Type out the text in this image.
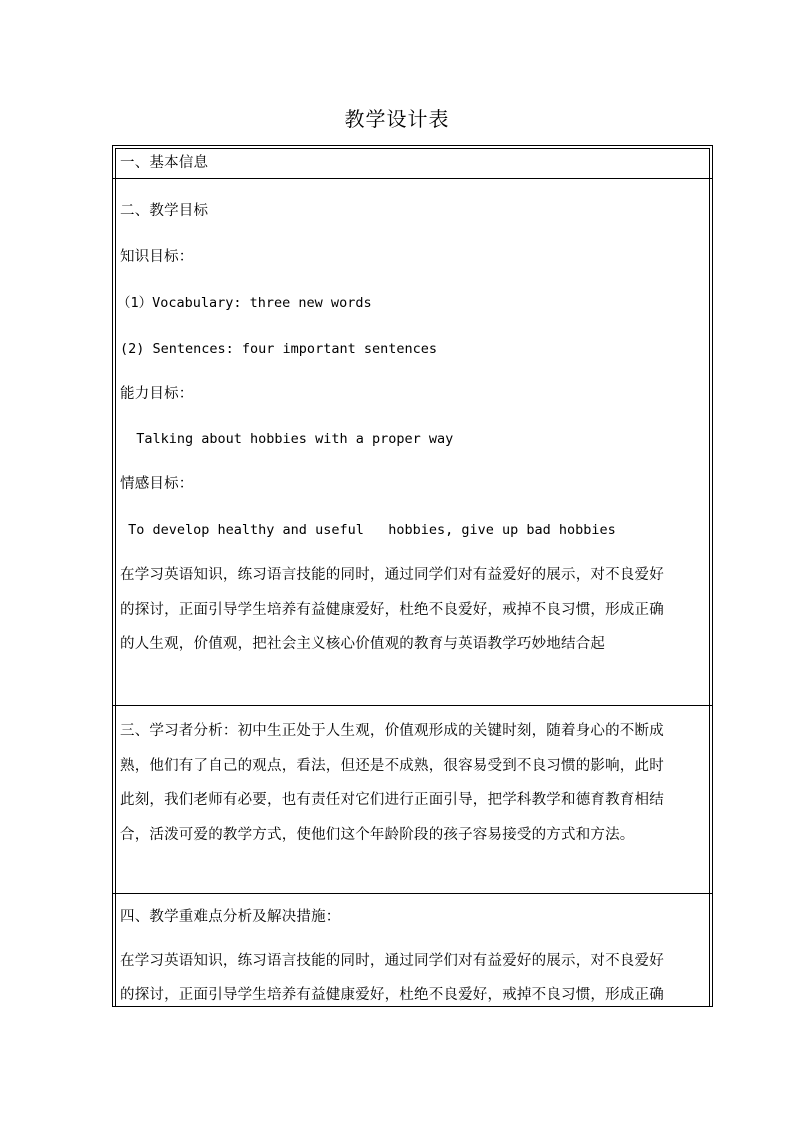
教学设计表
一、基本信息
二、教学目标
知识目标：
（1）Vocabulary: three new words
(2) Sentences: four important sentences
能力目标：
Talking about hobbies with a proper way
情感目标：
To develop healthy and useful   hobbies, give up bad hobbies
在学习英语知识，练习语言技能的同时，通过同学们对有益爱好的展示，对不良爱好
的探讨，正面引导学生培养有益健康爱好，杜绝不良爱好，戒掉不良习惯，形成正确
的人生观，价值观，把社会主义核心价值观的教育与英语教学巧妙地结合起
三、学习者分析：初中生正处于人生观，价值观形成的关键时刻，随着身心的不断成
熟，他们有了自己的观点，看法，但还是不成熟，很容易受到不良习惯的影响，此时
此刻，我们老师有必要，也有责任对它们进行正面引导，把学科教学和德育教育相结
合，活泼可爱的教学方式，使他们这个年龄阶段的孩子容易接受的方式和方法。
四、教学重难点分析及解决措施：
在学习英语知识，练习语言技能的同时，通过同学们对有益爱好的展示，对不良爱好
的探讨，正面引导学生培养有益健康爱好，杜绝不良爱好，戒掉不良习惯，形成正确
